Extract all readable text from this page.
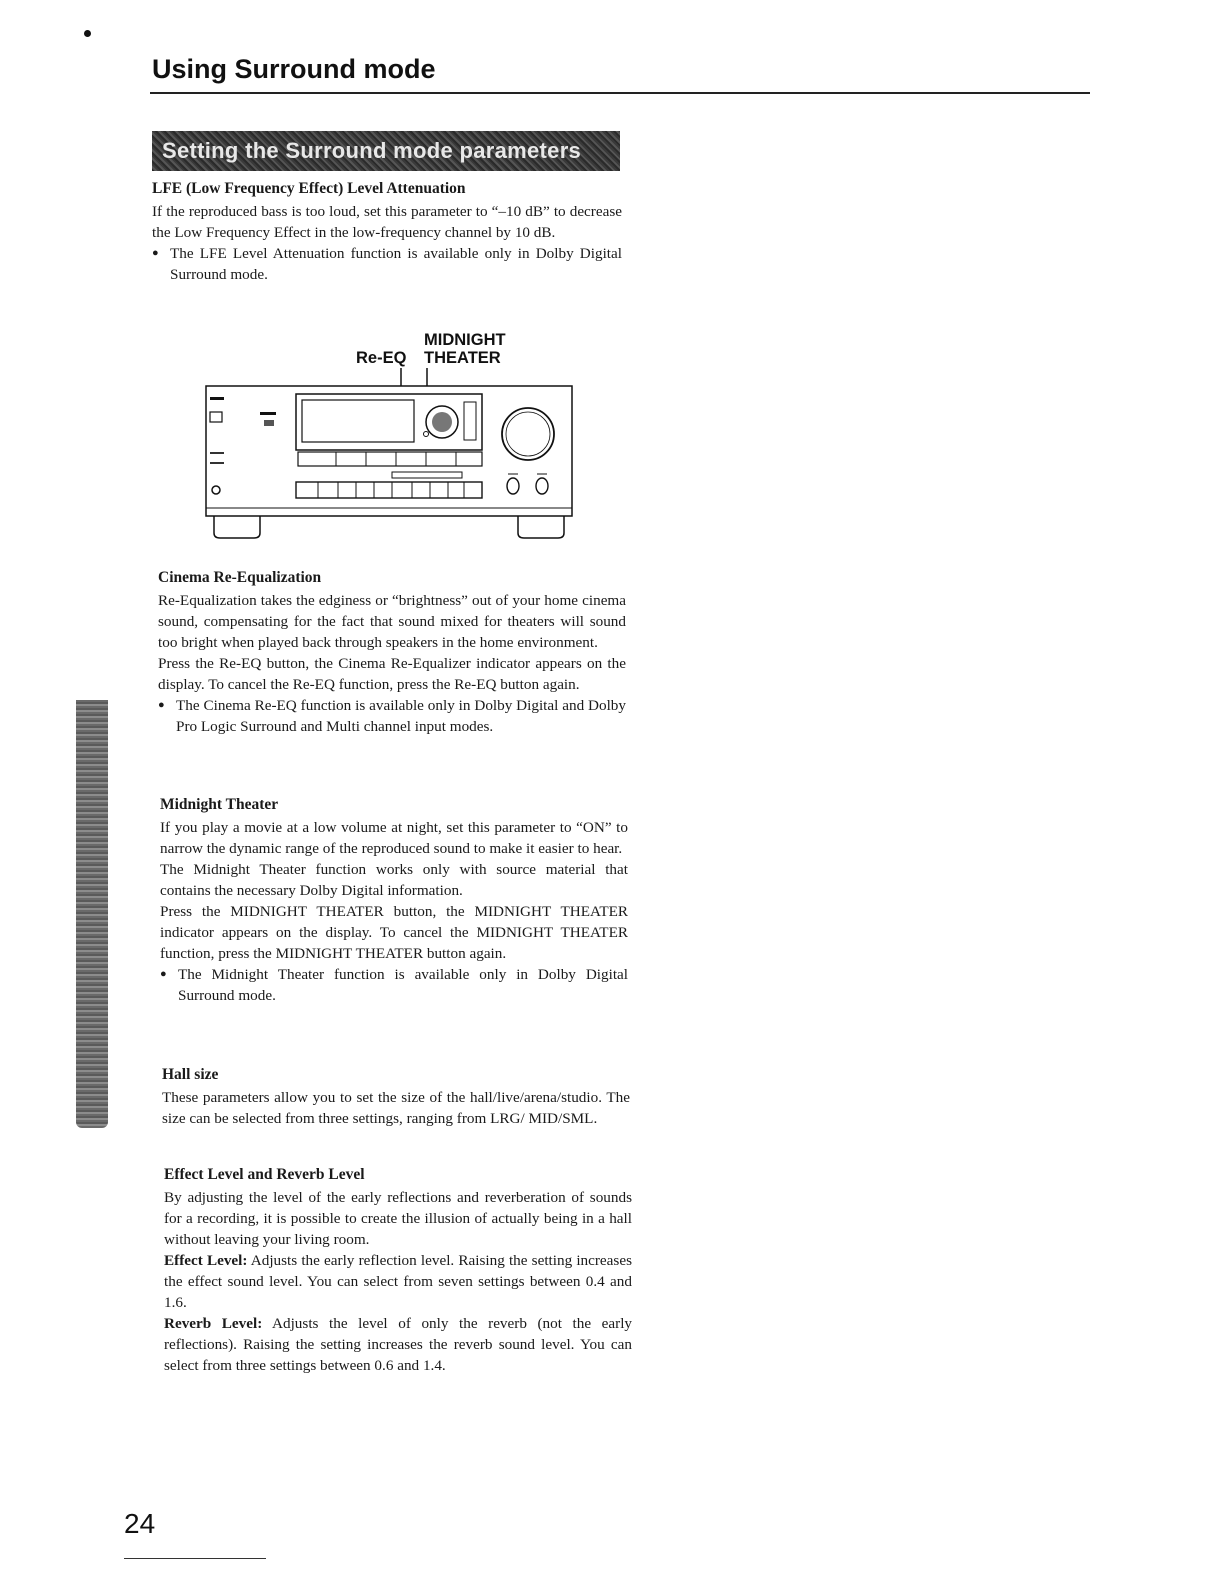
Using Surround mode
Setting the Surround mode parameters
LFE (Low Frequency Effect) Level Attenuation

If the reproduced bass is too loud, set this parameter to “–10 dB” to decrease the Low Frequency Effect in the low-frequency channel by 10 dB.

● The LFE Level Attenuation function is available only in Dolby Digital Surround mode.
MIDNIGHT
Re-EQ THEATER
Cinema Re-Equalization

Re-Equalization takes the edginess or “brightness” out of your home cinema sound, compensating for the fact that sound mixed for theaters will sound too bright when played back through speakers in the home environment.

Press the Re-EQ button, the Cinema Re-Equalizer indicator appears on the display. To cancel the Re-EQ function, press the Re-EQ button again.

● The Cinema Re-EQ function is available only in Dolby Digital and Dolby Pro Logic Surround and Multi channel input modes.
Midnight Theater

If you play a movie at a low volume at night, set this parameter to “ON” to narrow the dynamic range of the reproduced sound to make it easier to hear.

The Midnight Theater function works only with source material that contains the necessary Dolby Digital information.

Press the MIDNIGHT THEATER button, the MIDNIGHT THEATER indicator appears on the display. To cancel the MIDNIGHT THEATER function, press the MIDNIGHT THEATER button again.

● The Midnight Theater function is available only in Dolby Digital Surround mode.
Hall size

These parameters allow you to set the size of the hall/live/arena/studio. The size can be selected from three settings, ranging from LRG/ MID/SML.

Effect Level and Reverb Level

By adjusting the level of the early reflections and reverberation of sounds for a recording, it is possible to create the illusion of actually being in a hall without leaving your living room.

Effect Level: Adjusts the early reflection level. Raising the setting increases the effect sound level. You can select from seven settings between 0.4 and 1.6.

Reverb Level: Adjusts the level of only the reverb (not the early reflections). Raising the setting increases the reverb sound level. You can select from three settings between 0.6 and 1.4.

24
